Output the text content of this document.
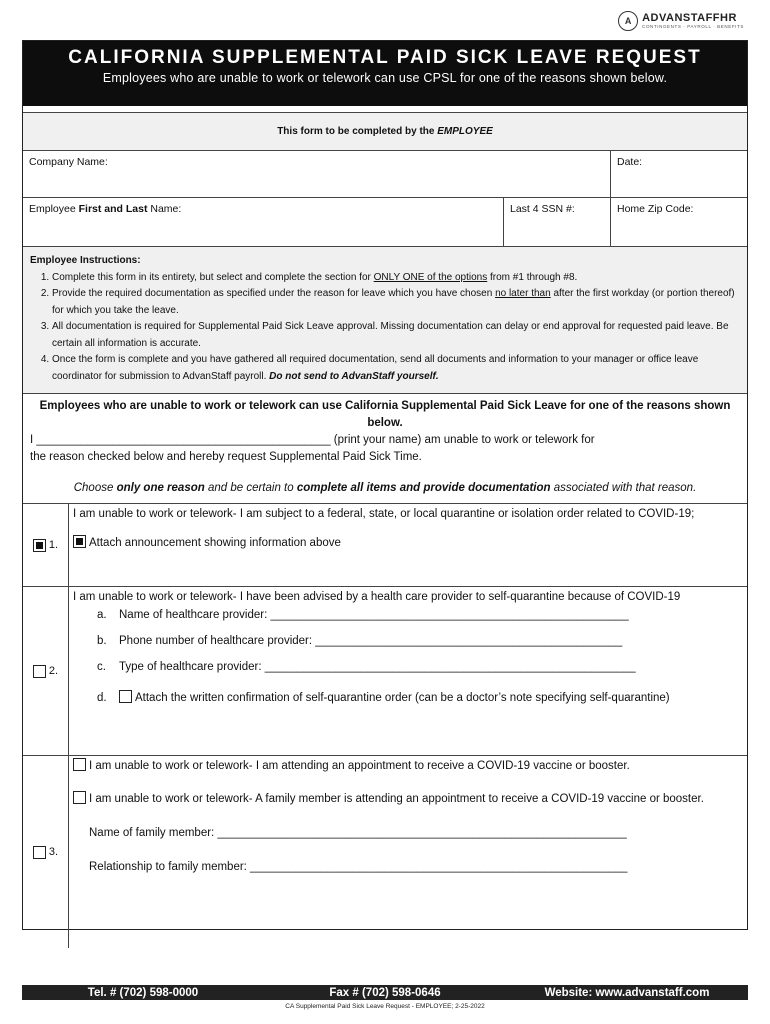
A ADVANSTAFFHR
CONTINGENTS · PAYROLL · BENEFITS
CALIFORNIA SUPPLEMENTAL PAID SICK LEAVE REQUEST
Employees who are unable to work or telework can use CPSL for one of the reasons shown below.
This form to be completed by the EMPLOYEE
Company Name:	Date:
Employee First and Last Name:	Last 4 SSN #:	Home Zip Code:
Employee Instructions:
1. Complete this form in its entirety, but select and complete the section for ONLY ONE of the options from #1 through #8.
2. Provide the required documentation as specified under the reason for leave which you have chosen no later than after the first workday (or portion thereof) for which you take the leave.
3. All documentation is required for Supplemental Paid Sick Leave approval. Missing documentation can delay or end approval for requested paid leave. Be certain all information is accurate.
4. Once the form is complete and you have gathered all required documentation, send all documents and information to your manager or office leave coordinator for submission to AdvanStaff payroll. Do not send to AdvanStaff yourself.
Employees who are unable to work or telework can use California Supplemental Paid Sick Leave for one of the reasons shown below.
I ______________________________________________ (print your name) am unable to work or telework for
the reason checked below and hereby request Supplemental Paid Sick Time.
Choose only one reason and be certain to complete all items and provide documentation associated with that reason.
1.
I am unable to work or telework- I am subject to a federal, state, or local quarantine or isolation order related to COVID-19;
Attach announcement showing information above
2.
I am unable to work or telework- I have been advised by a health care provider to self-quarantine because of COVID-19
a. Name of healthcare provider: ________________________________________________________
b. Phone number of healthcare provider: ________________________________________________
c. Type of healthcare provider: __________________________________________________________
d.	Attach the written confirmation of self-quarantine order (can be a doctor’s note specifying self-quarantine)
3.
I am unable to work or telework- I am attending an appointment to receive a COVID-19 vaccine or booster.
I am unable to work or telework- A family member is attending an appointment to receive a COVID-19 vaccine or booster.
Name of family member: ________________________________________________________________
Relationship to family member: ___________________________________________________________
Tel. # (702) 598-0000	Fax # (702) 598-0646	Website: www.advanstaff.com
CA Supplemental Paid Sick Leave Request - EMPLOYEE; 2-25-2022
